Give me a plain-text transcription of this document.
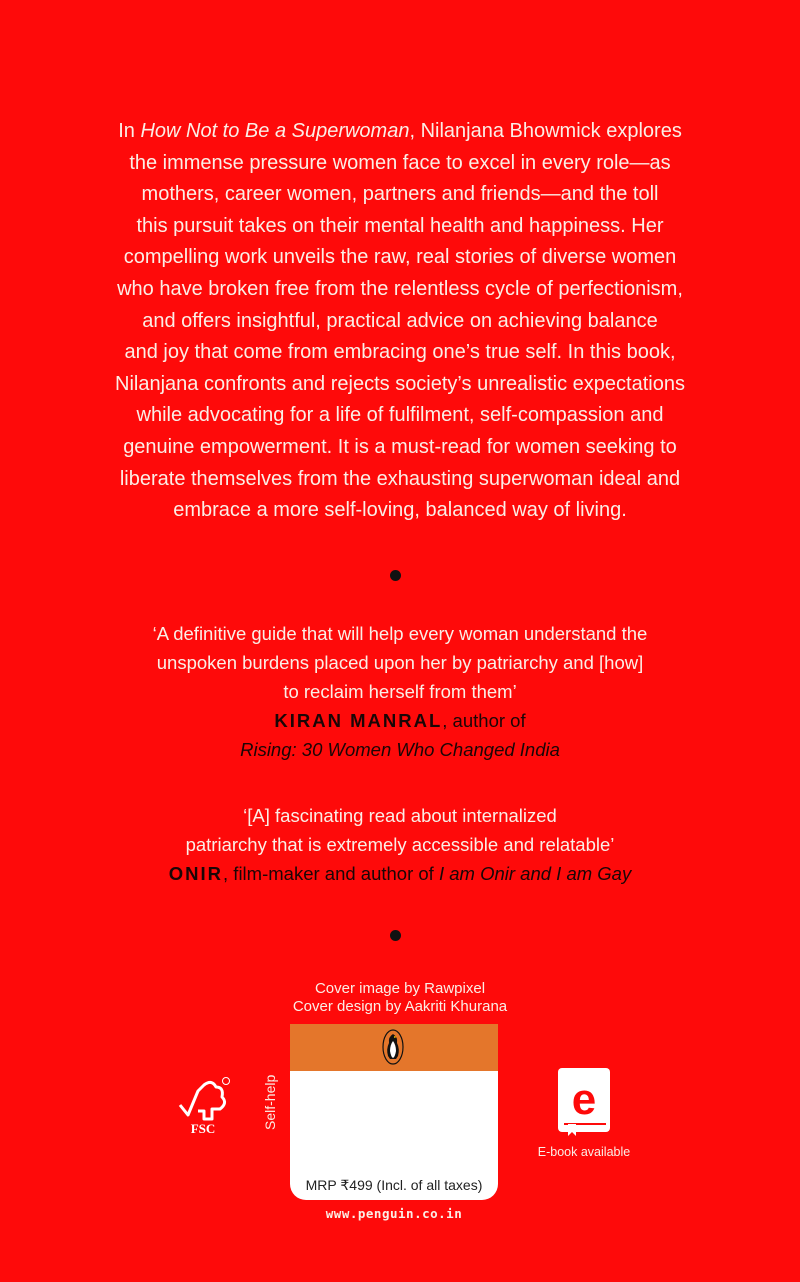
In How Not to Be a Superwoman, Nilanjana Bhowmick explores

the immense pressure women face to excel in every role—as

mothers, career women, partners and friends—and the toll

this pursuit takes on their mental health and happiness. Her

compelling work unveils the raw, real stories of diverse women

who have broken free from the relentless cycle of perfectionism,

and offers insightful, practical advice on achieving balance

and joy that come from embracing one’s true self. In this book,

Nilanjana confronts and rejects society’s unrealistic expectations

while advocating for a life of fulfilment, self-compassion and

genuine empowerment. It is a must-read for women seeking to

liberate themselves from the exhausting superwoman ideal and

embrace a more self-loving, balanced way of living.

‘A definitive guide that will help every woman understand the
unspoken burdens placed upon her by patriarchy and [how]
to reclaim herself from them’
KIRAN MANRAL, author of
Rising: 30 Women Who Changed India
‘[A] fascinating read about internalized
patriarchy that is extremely accessible and relatable’
ONIR, film-maker and author of I am Onir and I am Gay
Cover image by Rawpixel
Cover design by Aakriti Khurana
FSC	Self-help
MRP ₹499 (Incl. of all taxes)
www.penguin.co.in
e
E-book available
